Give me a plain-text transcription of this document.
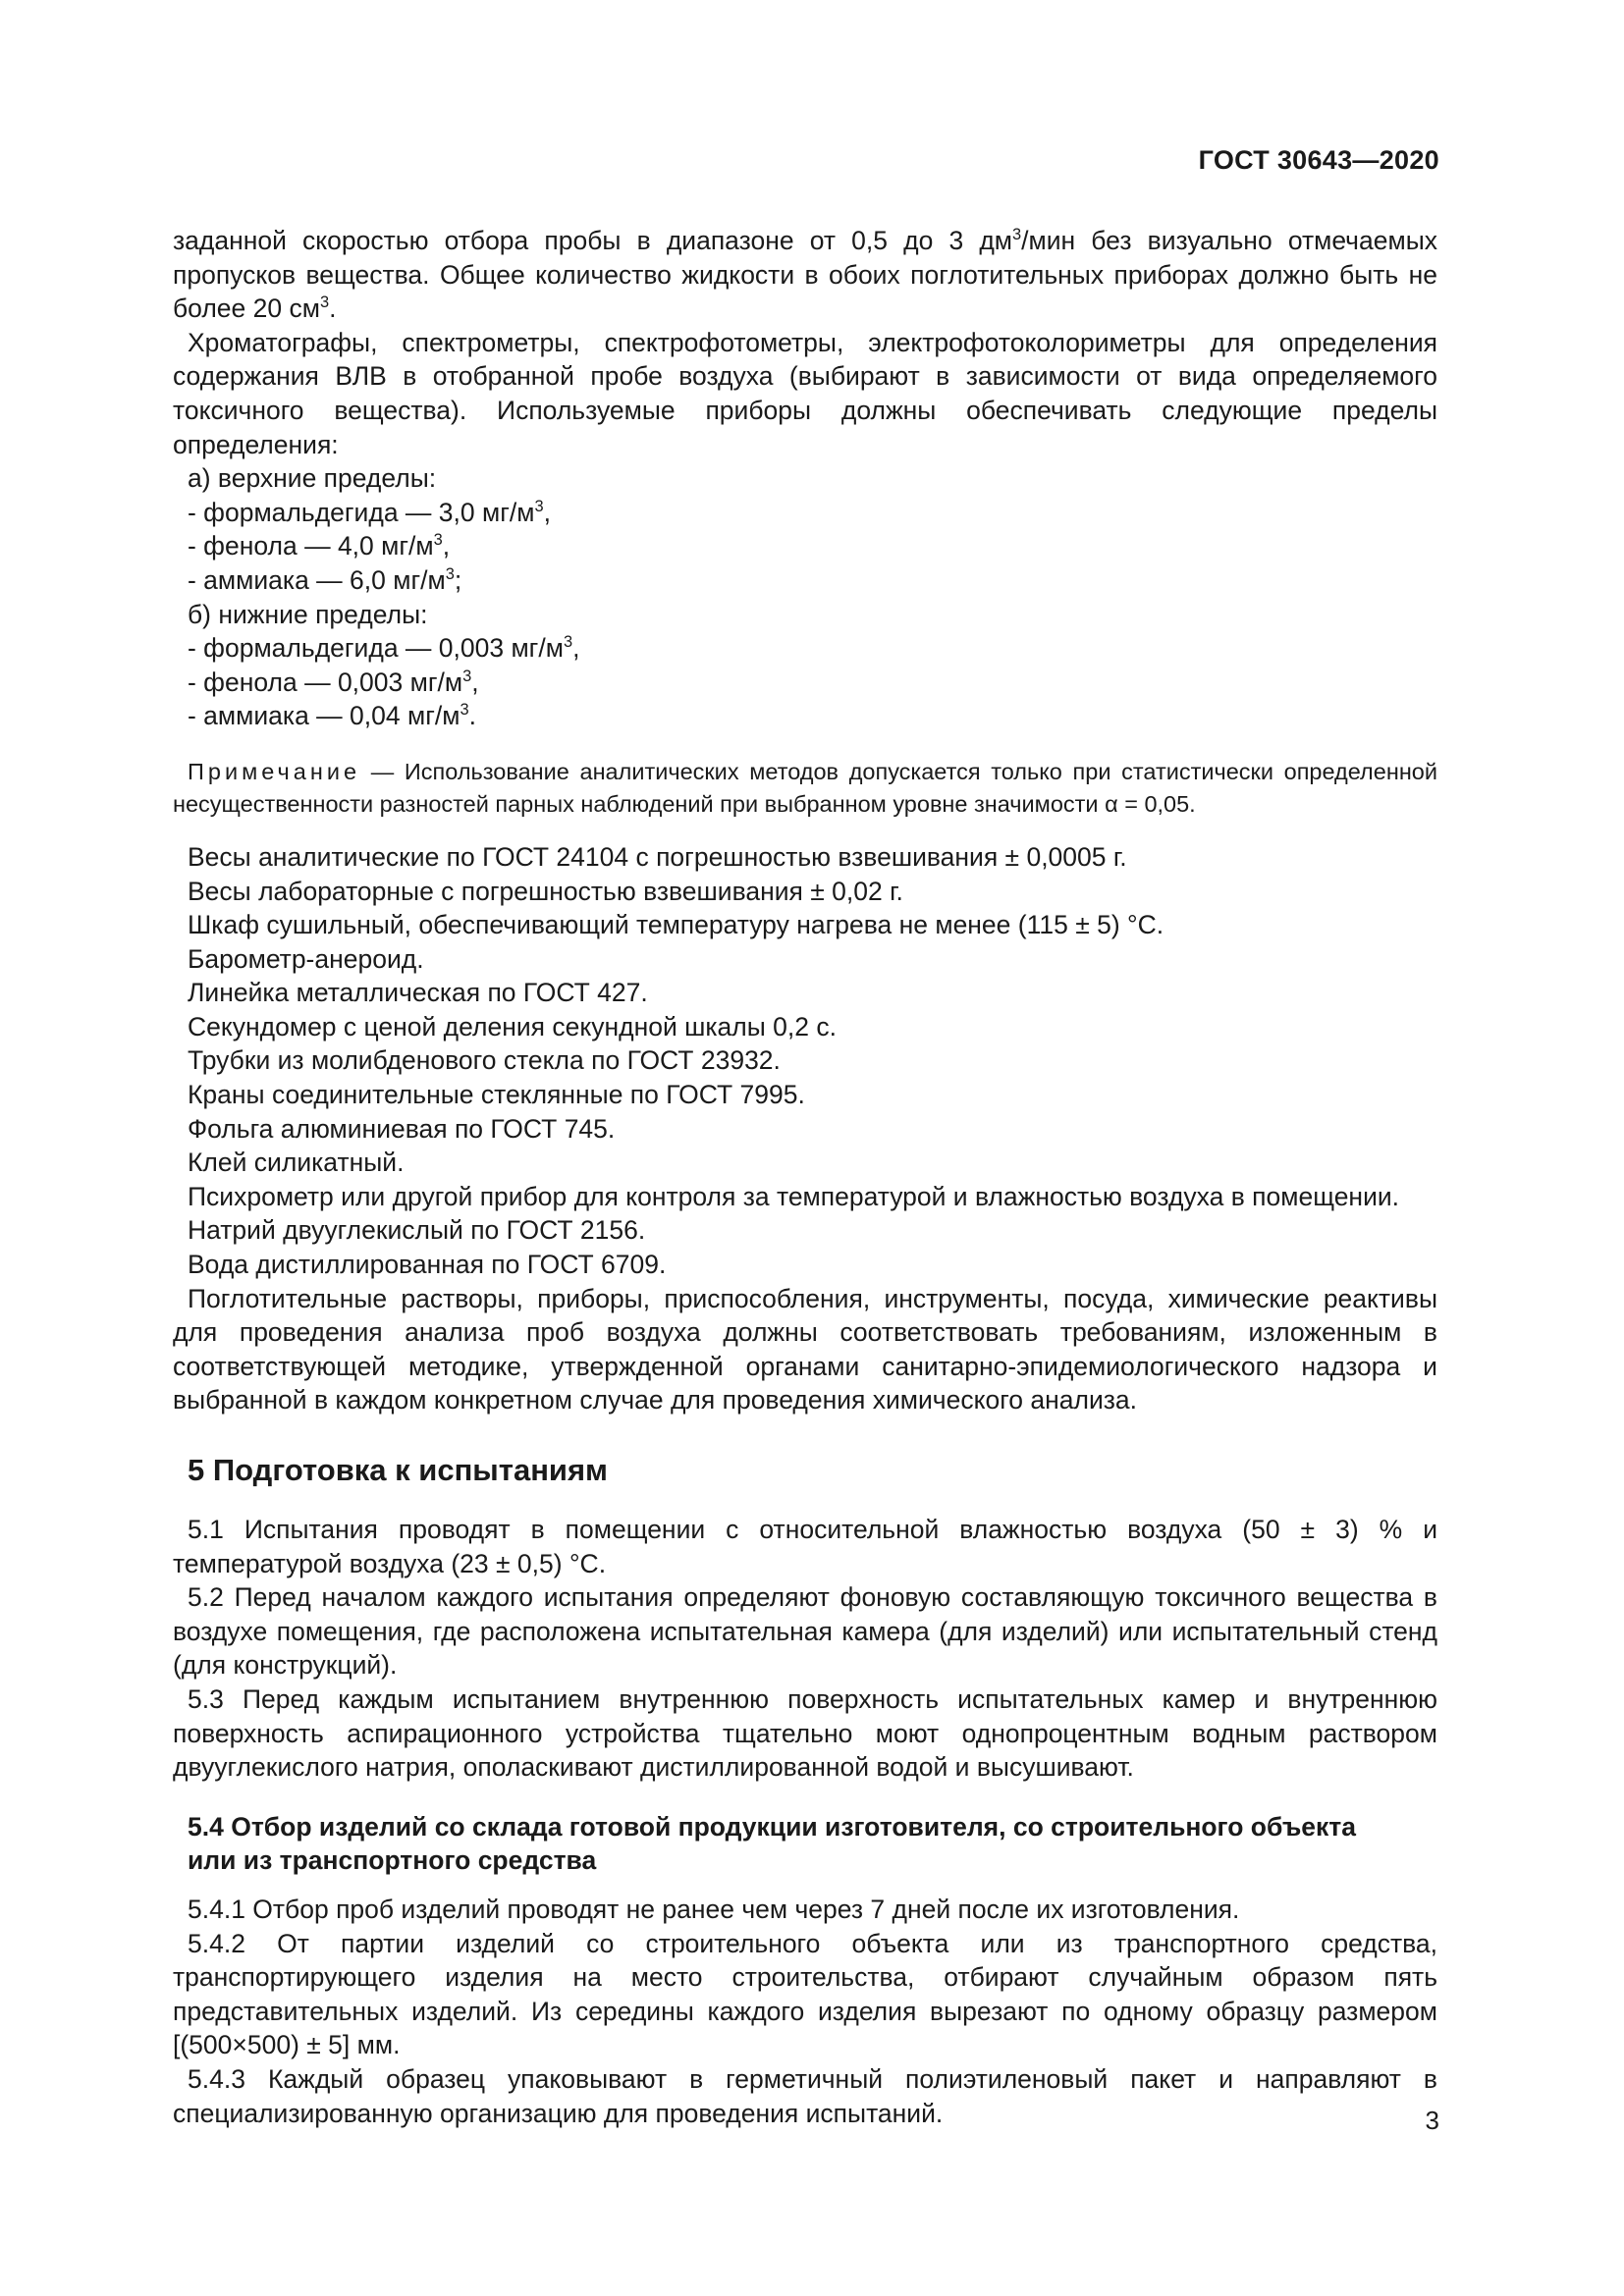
ГОСТ 30643—2020

заданной скоростью отбора пробы в диапазоне от 0,5 до 3 $дм^3$/мин без визуально отмечаемых пропусков вещества. Общее количество жидкости в обоих поглотительных приборах должно быть не более 20 $см^3$.

Хроматографы, спектрометры, спектрофотометры, электрофотоколориметры для определения содержания ВЛВ в отобранной пробе воздуха (выбирают в зависимости от вида определяемого токсичного вещества). Используемые приборы должны обеспечивать следующие пределы определения:

а) верхние пределы:

- формальдегида — 3,0 $мг/м^3$,

- фенола — 4,0 $мг/м^3$,

- аммиака — 6,0 $мг/м^3$;

б) нижние пределы:

- формальдегида — 0,003 $мг/м^3$,

- фенола — 0,003 $мг/м^3$,

- аммиака — 0,04 $мг/м^3$.

Примечание — Использование аналитических методов допускается только при статистически определенной несущественности разностей парных наблюдений при выбранном уровне значимости α = 0,05.

Весы аналитические по ГОСТ 24104 с погрешностью взвешивания ± 0,0005 г.

Весы лабораторные с погрешностью взвешивания ± 0,02 г.

Шкаф сушильный, обеспечивающий температуру нагрева не менее (115 ± 5) °С.

Барометр-анероид.

Линейка металлическая по ГОСТ 427.

Секундомер с ценой деления секундной шкалы 0,2 с.

Трубки из молибденового стекла по ГОСТ 23932.

Краны соединительные стеклянные по ГОСТ 7995.

Фольга алюминиевая по ГОСТ 745.

Клей силикатный.

Психрометр или другой прибор для контроля за температурой и влажностью воздуха в помещении.

Натрий двууглекислый по ГОСТ 2156.

Вода дистиллированная по ГОСТ 6709.

Поглотительные растворы, приборы, приспособления, инструменты, посуда, химические реактивы для проведения анализа проб воздуха должны соответствовать требованиям, изложенным в соответствующей методике, утвержденной органами санитарно-эпидемиологического надзора и выбранной в каждом конкретном случае для проведения химического анализа.

5 Подготовка к испытаниям

5.1 Испытания проводят в помещении с относительной влажностью воздуха (50 ± 3) % и температурой воздуха (23 ± 0,5) °С.

5.2 Перед началом каждого испытания определяют фоновую составляющую токсичного вещества в воздухе помещения, где расположена испытательная камера (для изделий) или испытательный стенд (для конструкций).

5.3 Перед каждым испытанием внутреннюю поверхность испытательных камер и внутреннюю поверхность аспирационного устройства тщательно моют однопроцентным водным раствором двууглекислого натрия, ополаскивают дистиллированной водой и высушивают.

5.4 Отбор изделий со склада готовой продукции изготовителя, со строительного объекта
или из транспортного средства

5.4.1 Отбор проб изделий проводят не ранее чем через 7 дней после их изготовления.

5.4.2 От партии изделий со строительного объекта или из транспортного средства, транспортирующего изделия на место строительства, отбирают случайным образом пять представительных изделий. Из середины каждого изделия вырезают по одному образцу размером [(500×500) ± 5] мм.

5.4.3 Каждый образец упаковывают в герметичный полиэтиленовый пакет и направляют в специализированную организацию для проведения испытаний.	3
